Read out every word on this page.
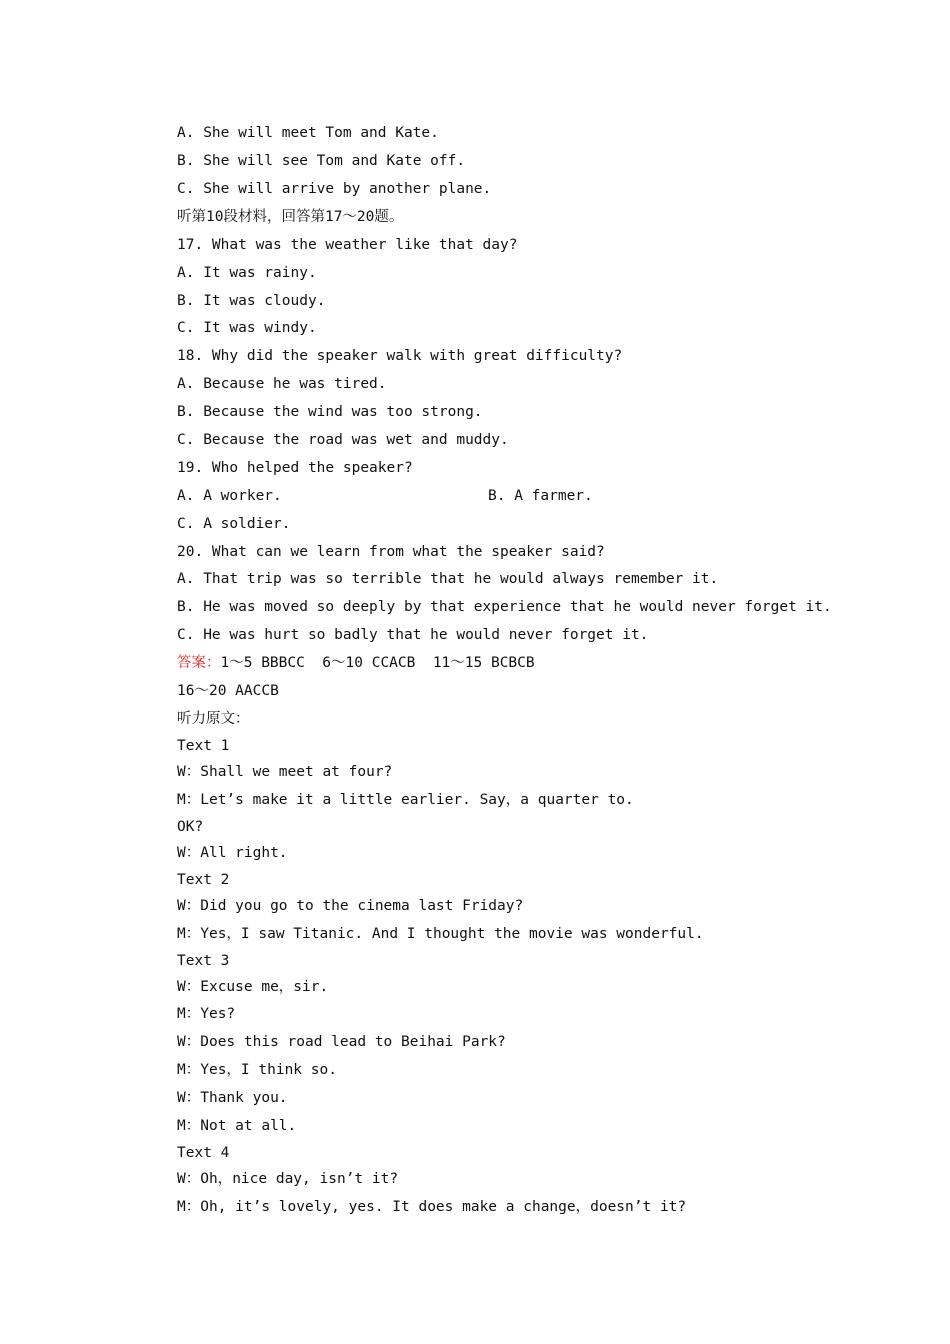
A. She will meet Tom and Kate.
B. She will see Tom and Kate off.
C. She will arrive by another plane.
听第10段材料，回答第17～20题。
17. What was the weather like that day?
A. It was rainy.
B. It was cloudy.
C. It was windy.
18. Why did the speaker walk with great difficulty?
A. Because he was tired.
B. Because the wind was too strong.
C. Because the road was wet and muddy.
19. Who helped the speaker?
A. A worker.	B. A farmer.
C. A soldier.
20. What can we learn from what the speaker said?
A. That trip was so terrible that he would always remember it.
B. He was moved so deeply by that experience that he would never forget it.
C. He was hurt so badly that he would never forget it.
答案：1～5 BBBCC  6～10 CCACB  11～15 BCBCB
16～20 AACCB
听力原文：
Text 1
W：Shall we meet at four?
M：Let’s make it a little earlier. Say，a quarter to.
OK?
W：All right.
Text 2
W：Did you go to the cinema last Friday?
M：Yes，I saw Titanic. And I thought the movie was wonderful.
Text 3
W：Excuse me，sir.
M：Yes?
W：Does this road lead to Beihai Park?
M：Yes，I think so.
W：Thank you.
M：Not at all.
Text 4
W：Oh，nice day, isn’t it?
M：Oh, it’s lovely, yes. It does make a change，doesn’t it?
